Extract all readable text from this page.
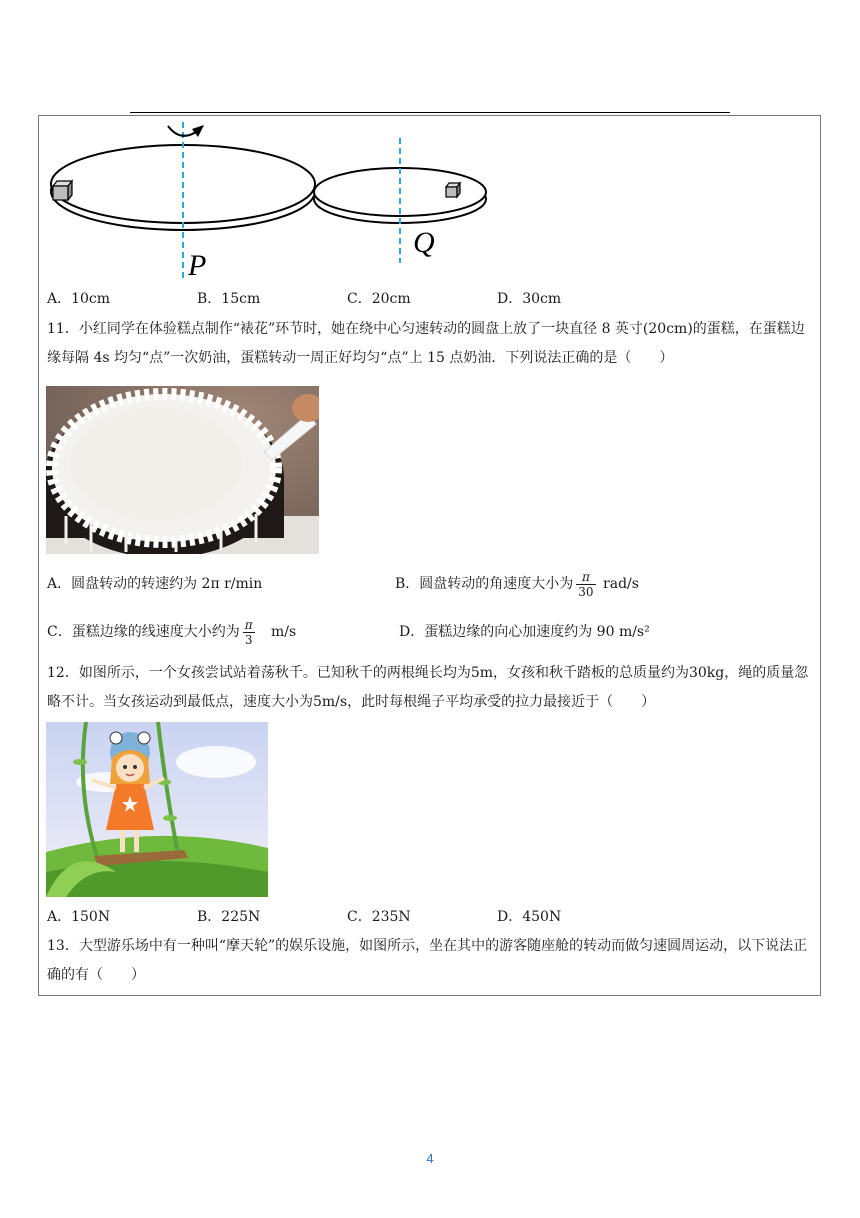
P
Q
A．10cm	B．15cm	C．20cm	D．30cm
11．小红同学在体验糕点制作“裱花”环节时，她在绕中心匀速转动的圆盘上放了一块直径 8 英寸(20cm)的蛋糕，在蛋糕边缘每隔 4s 均匀“点”一次奶油，蛋糕转动一周正好均匀“点”上 15 点奶油．下列说法正确的是（　　）
A．圆盘转动的转速约为 2π r/min	B．圆盘转动的角速度大小为 $\frac{\pi}{30} rad/s$
C．蛋糕边缘的线速度大小约为 $\frac{\pi}{3} m/s$	D．蛋糕边缘的向心加速度约为 90 m/s²
12．如图所示，一个女孩尝试站着荡秋千。已知秋千的两根绳长均为5m，女孩和秋千踏板的总质量约为30kg，绳的质量忽略不计。当女孩运动到最低点，速度大小为5m/s，此时每根绳子平均承受的拉力最接近于（　　）
A．150N	B．225N	C．235N	D．450N
13．大型游乐场中有一种叫“摩天轮”的娱乐设施，如图所示，坐在其中的游客随座舱的转动而做匀速圆周运动，以下说法正确的有（　　）
4
